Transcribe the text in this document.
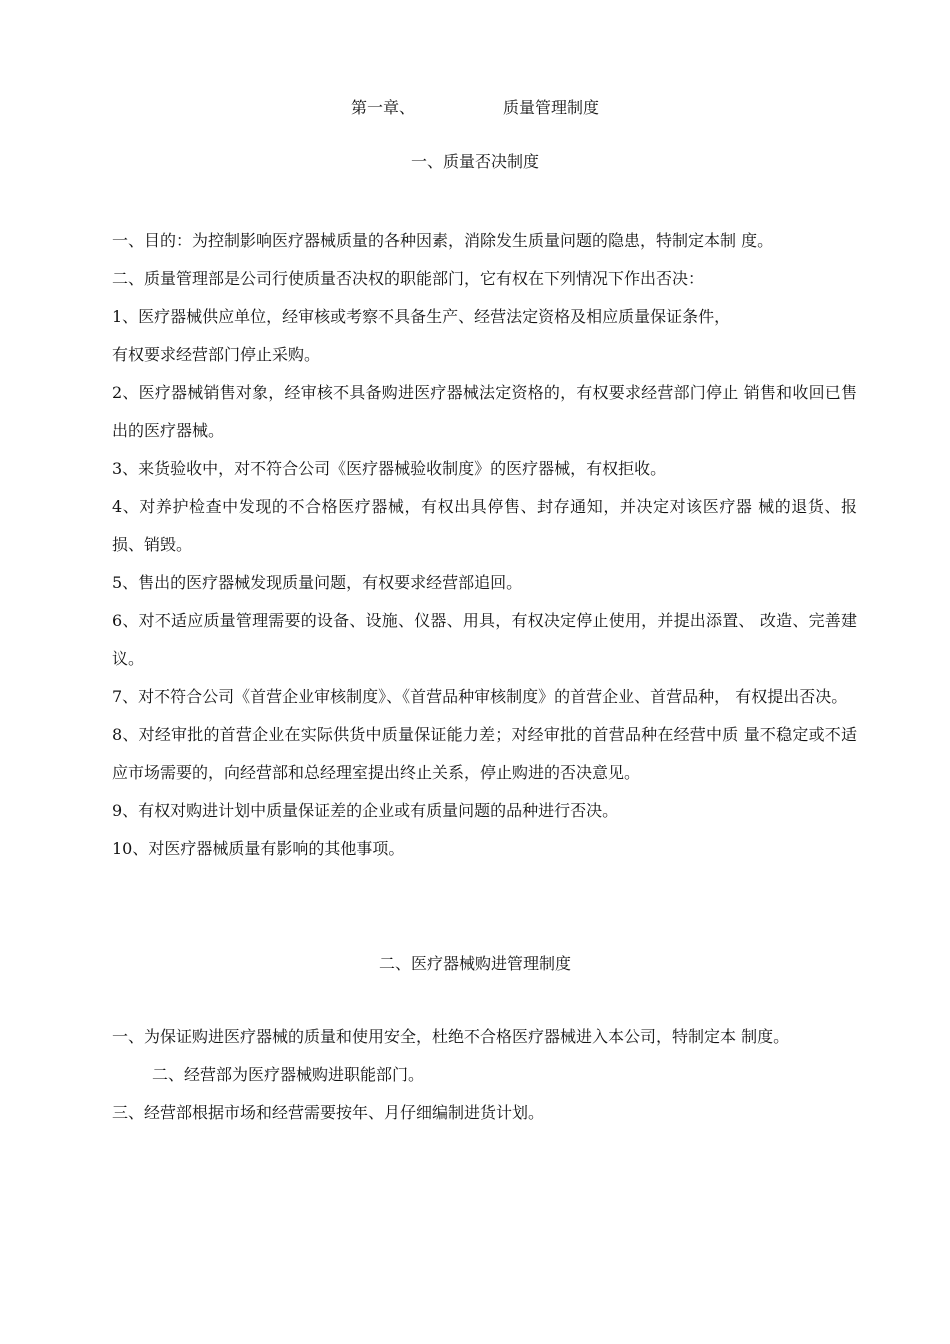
第一章、	质量管理制度
一、质量否决制度

一、目的：为控制影响医疗器械质量的各种因素，消除发生质量问题的隐患，特制定本制 度。

二、质量管理部是公司行使质量否决权的职能部门，它有权在下列情况下作出否决：

1、医疗器械供应单位，经审核或考察不具备生产、经营法定资格及相应质量保证条件，

有权要求经营部门停止采购。

2、医疗器械销售对象，经审核不具备购进医疗器械法定资格的，有权要求经营部门停止 销售和收回已售出的医疗器械。

3、来货验收中，对不符合公司《医疗器械验收制度》的医疗器械，有权拒收。

4、对养护检查中发现的不合格医疗器械，有权出具停售、封存通知，并决定对该医疗器 械的退货、报损、销毁。

5、售出的医疗器械发现质量问题，有权要求经营部追回。

6、对不适应质量管理需要的设备、设施、仪器、用具，有权决定停止使用，并提出添置、 改造、完善建议。

7、对不符合公司《首营企业审核制度》、《首营品种审核制度》的首营企业、首营品种， 有权提出否决。

8、对经审批的首营企业在实际供货中质量保证能力差；对经审批的首营品种在经营中质 量不稳定或不适应市场需要的，向经营部和总经理室提出终止关系，停止购进的否决意见。

9、有权对购进计划中质量保证差的企业或有质量问题的品种进行否决。

10、对医疗器械质量有影响的其他事项。

二、医疗器械购进管理制度

一、为保证购进医疗器械的质量和使用安全，杜绝不合格医疗器械进入本公司，特制定本 制度。

二、经营部为医疗器械购进职能部门。

三、经营部根据市场和经营需要按年、月仔细编制进货计划。
